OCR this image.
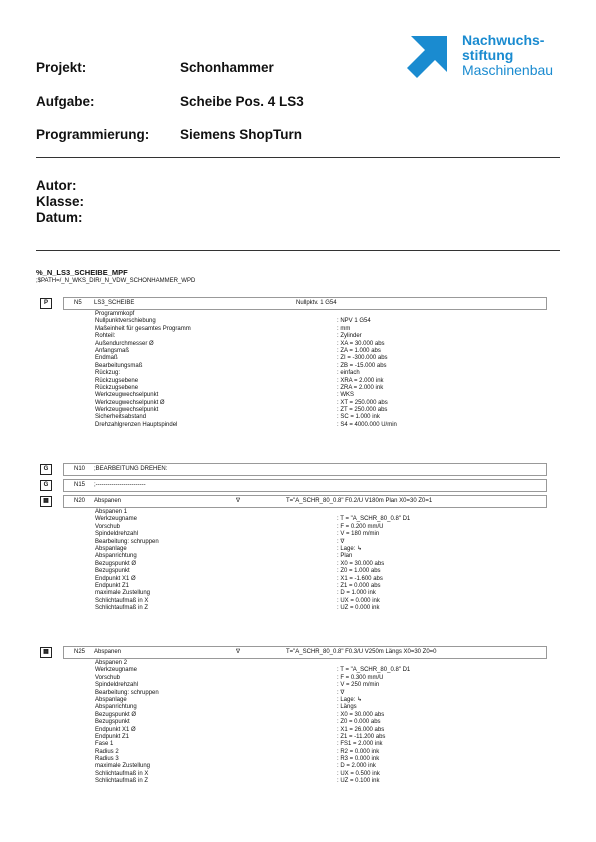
Projekt:	Schonhammer
Aufgabe:	Scheibe Pos. 4 LS3
Programmierung: Siemens ShopTurn
Nachwuchs-
stiftung
Maschinenbau
Autor:
Klasse:
Datum:
%_N_LS3_SCHEIBE_MPF
;$PATH=/_N_WKS_DIR/_N_VDW_SCHONHAMMER_WPD
P	N5 LS3_SCHEIBE	Nullpktv. 1 G54
Programmkopf
Nullpunktverschiebung	: NPV 1 G54
Maßeinheit für gesamtes Programm	: mm
Rohteil:	: Zylinder
Außendurchmesser Ø	: XA = 30.000 abs
Anfangsmaß	: ZA = 1.000 abs
Endmaß	: ZI = -300.000 abs
Bearbeitungsmaß	: ZB = -15.000 abs
Rückzug:	: einfach
Rückzugsebene	: XRA = 2.000 ink
Rückzugsebene	: ZRA = 2.000 ink
Werkzeugwechselpunkt	: WKS
Werkzeugwechselpunkt Ø	: XT = 250.000 abs
Werkzeugwechselpunkt	: ZT = 250.000 abs
Sicherheitsabstand	: SC = 1.000 ink
Drehzahlgrenzen Hauptspindel	: S4 = 4000.000 U/min
G	N10 ;BEARBEITUNG DREHEN:
G	N15 ;-------------------------
▦	N20 Abspanen	∇	T="A_SCHR_80_0.8" F0.2/U V180m Plan X0=30 Z0=1
Abspanen 1
Werkzeugname	: T = "A_SCHR_80_0.8" D1
Vorschub	: F = 0.200 mm/U
Spindeldrehzahl	: V = 180 m/min
Bearbeitung: schruppen	: ∇
Abspanlage	: Lage: ↳
Abspanrichtung	: Plan
Bezugspunkt Ø	: X0 = 30.000 abs
Bezugspunkt	: Z0 = 1.000 abs
Endpunkt X1 Ø	: X1 = -1.600 abs
Endpunkt Z1	: Z1 = 0.000 abs
maximale Zustellung	: D = 1.000 ink
Schlichtaufmaß in X	: UX = 0.000 ink
Schlichtaufmaß in Z	: UZ = 0.000 ink
▦	N25 Abspanen	∇	T="A_SCHR_80_0.8" F0.3/U V250m Längs X0=30 Z0=0
Abspanen 2
Werkzeugname	: T = "A_SCHR_80_0.8" D1
Vorschub	: F = 0.300 mm/U
Spindeldrehzahl	: V = 250 m/min
Bearbeitung: schruppen	: ∇
Abspanlage	: Lage: ↳
Abspanrichtung	: Längs
Bezugspunkt Ø	: X0 = 30.000 abs
Bezugspunkt	: Z0 = 0.000 abs
Endpunkt X1 Ø	: X1 = 26.000 abs
Endpunkt Z1	: Z1 = -11.200 abs
Fase 1	: FS1 = 2.000 ink
Radius 2	: R2 = 0.000 ink
Radius 3	: R3 = 0.000 ink
maximale Zustellung	: D = 2.000 ink
Schlichtaufmaß in X	: UX = 0.500 ink
Schlichtaufmaß in Z	: UZ = 0.100 ink
